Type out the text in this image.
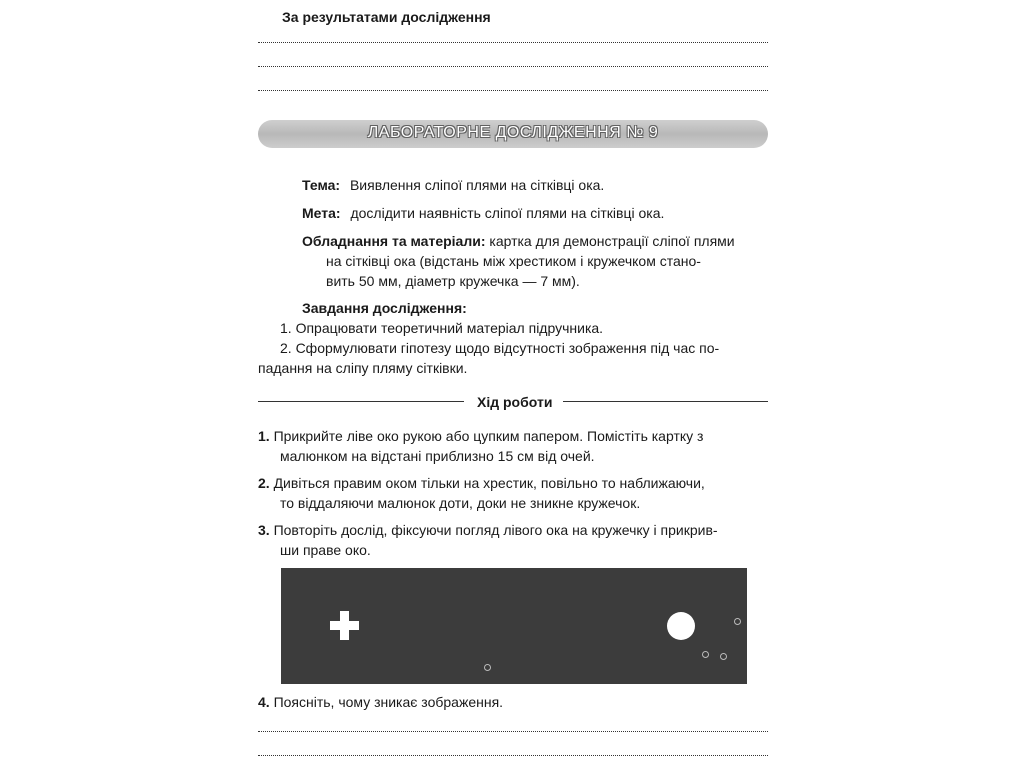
За результатами дослідження
ЛАБОРАТОРНЕ ДОСЛІДЖЕННЯ № 9
Тема: Виявлення сліпої плями на сітківці ока.
Мета: дослідити наявність сліпої плями на сітківці ока.
Обладнання та матеріали: картка для демонстрації сліпої плями
на сітківці ока (відстань між хрестиком і кружечком стано-
вить 50 мм, діаметр кружечка — 7 мм).
Завдання дослідження:
1. Опрацювати теоретичний матеріал підручника.
2. Сформулювати гіпотезу щодо відсутності зображення під час по-
падання на сліпу пляму сітківки.
Хід роботи
1. Прикрийте ліве око рукою або цупким папером. Помістіть картку з
малюнком на відстані приблизно 15 см від очей.
2. Дивіться правим оком тільки на хрестик, повільно то наближаючи,
то віддаляючи малюнок доти, доки не зникне кружечок.
3. Повторіть дослід, фіксуючи погляд лівого ока на кружечку і прикрив-
ши праве око.
4. Поясніть, чому зникає зображення.
